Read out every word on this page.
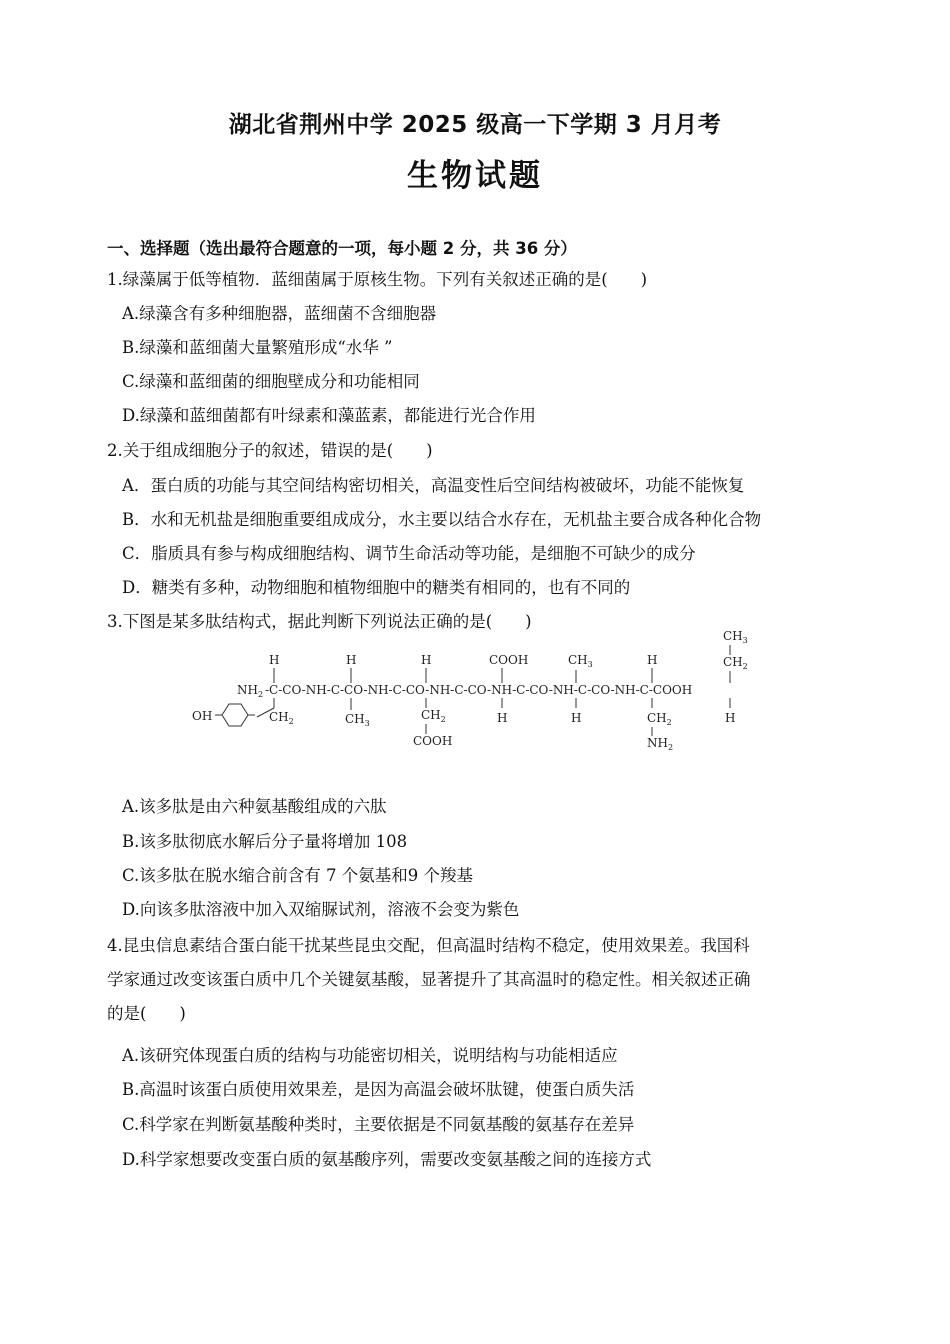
湖北省荆州中学 2025 级高一下学期 3 月月考
生物试题
一、选择题（选出最符合题意的一项，每小题 2 分，共 36 分）
1.绿藻属于低等植物．蓝细菌属于原核生物。下列有关叙述正确的是(　　)
A.绿藻含有多种细胞器，蓝细菌不含细胞器
B.绿藻和蓝细菌大量繁殖形成“水华 ”
C.绿藻和蓝细菌的细胞壁成分和功能相同
D.绿藻和蓝细菌都有叶绿素和藻蓝素，都能进行光合作用
2.关于组成细胞分子的叙述，错误的是(　　)
A．蛋白质的功能与其空间结构密切相关，高温变性后空间结构被破坏，功能不能恢复
B．水和无机盐是细胞重要组成成分，水主要以结合水存在，无机盐主要合成各种化合物
C．脂质具有参与构成细胞结构、调节生命活动等功能，是细胞不可缺少的成分
D．糖类有多种，动物细胞和植物细胞中的糖类有相同的，也有不同的
3.下图是某多肽结构式，据此判断下列说法正确的是(　　)
$NH_2$ -C-CO-NH-C-CO-NH-C-CO-NH-C-CO-NH-C-CO-NH-C-CO-NH-C-COOH
H
$CH_2$
OH
H
$CH_3$
H
$CH_2$
COOH
COOH
H
$CH_3$
H
H
$CH_2$
$NH_2$
$CH_3$
$CH_2$
H
A.该多肽是由六种氨基酸组成的六肽
B.该多肽彻底水解后分子量将增加 108
C.该多肽在脱水缩合前含有 7 个氨基和9 个羧基
D.向该多肽溶液中加入双缩脲试剂，溶液不会变为紫色
4.昆虫信息素结合蛋白能干扰某些昆虫交配，但高温时结构不稳定，使用效果差。我国科
学家通过改变该蛋白质中几个关键氨基酸，显著提升了其高温时的稳定性。相关叙述正确
的是(　　)
A.该研究体现蛋白质的结构与功能密切相关，说明结构与功能相适应
B.高温时该蛋白质使用效果差，是因为高温会破坏肽键，使蛋白质失活
C.科学家在判断氨基酸种类时，主要依据是不同氨基酸的氨基存在差异
D.科学家想要改变蛋白质的氨基酸序列，需要改变氨基酸之间的连接方式
